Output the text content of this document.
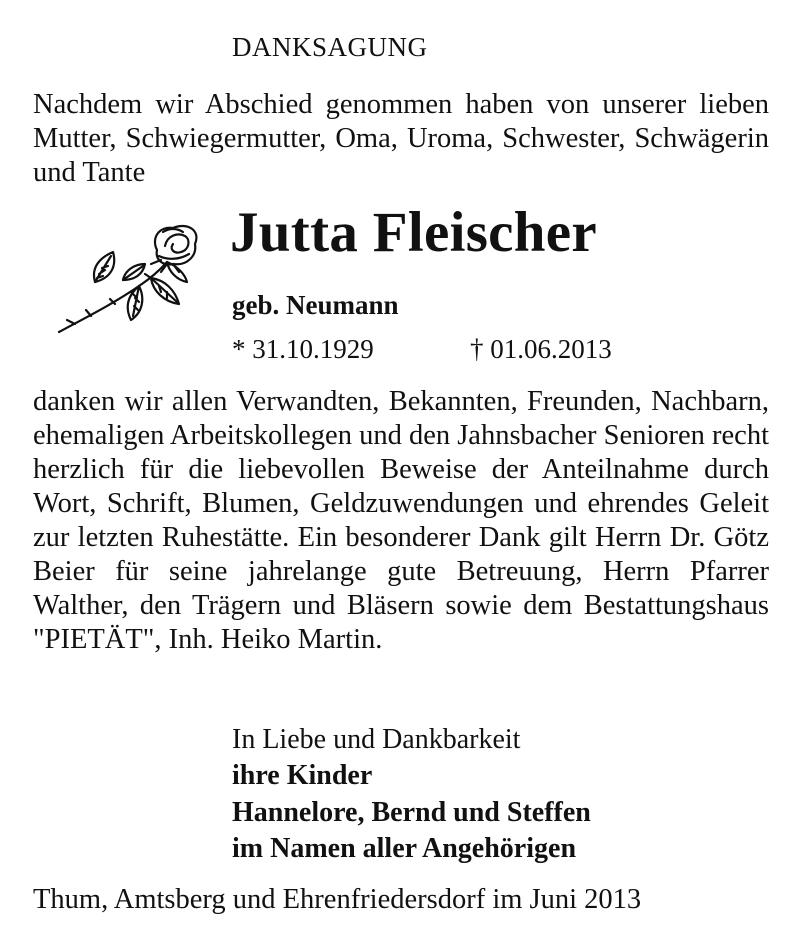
DANKSAGUNG
Nachdem wir Abschied genommen haben von unserer lieben Mutter, Schwiegermutter, Oma, Uroma, Schwester, Schwägerin und Tante
Jutta Fleischer
geb. Neumann
* 31.10.1929	† 01.06.2013
danken wir allen Verwandten, Bekannten, Freunden, Nachbarn, ehemaligen Arbeitskollegen und den Jahnsbacher Senioren recht herzlich für die liebevollen Beweise der Anteilnahme durch Wort, Schrift, Blumen, Geldzuwendungen und ehrendes Geleit zur letzten Ruhestätte. Ein besonderer Dank gilt Herrn Dr. Götz Beier für seine jahrelange gute Betreuung, Herrn Pfarrer Walther, den Trägern und Bläsern sowie dem Bestattungshaus "PIETÄT", Inh. Heiko Martin.
In Liebe und Dankbarkeit
ihre Kinder
Hannelore, Bernd und Steffen
im Namen aller Angehörigen
Thum, Amtsberg und Ehrenfriedersdorf im Juni 2013
